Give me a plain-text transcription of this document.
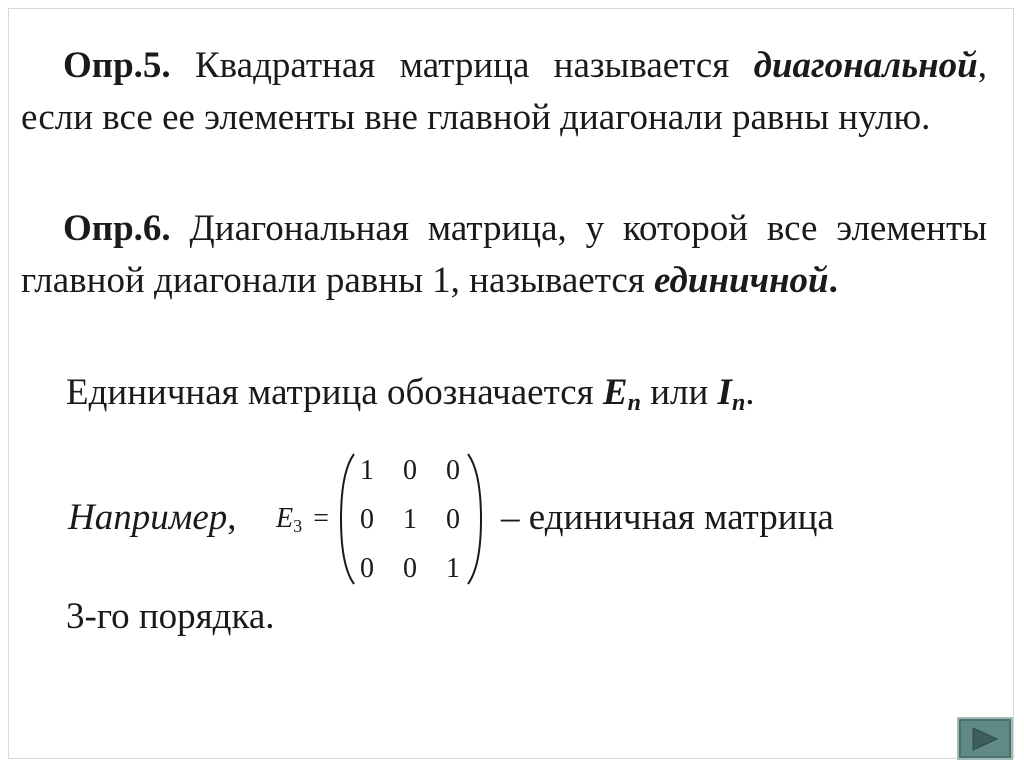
Опр.5. Квадратная матрица называется диагональной, если все ее элементы вне главной диагонали равны нулю.
Опр.6. Диагональная матрица, у которой все элементы главной диагонали равны 1, называется единичной.
Единичная матрица обозначается $E_n$ или $I_n$.
Например,	– единичная матрица
$E_3$ =
1 0 0
0 1 0
0 0 1
3-го порядка.
